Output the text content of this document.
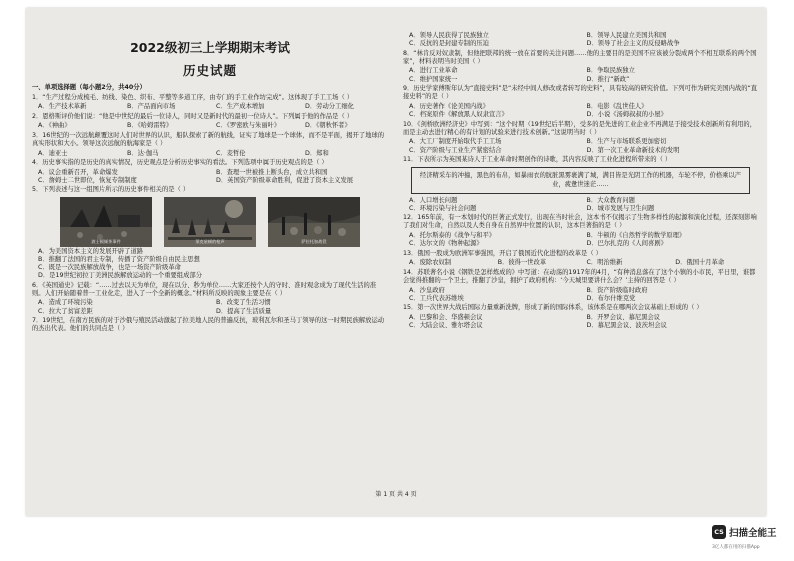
2022级初三上学期期末考试
历史试题

一、单项选择题（每小题2分，共40分）

1．“生产过程分成梳毛、纺线、染色、织布、平整等多道工序，由专门的手工业作坊完成”。这体现了手工工场（ ）

A．生产技术革新	B．产品面向市场	C．生产成本增加	D．劳动分工细化

2．恩格斯评价他们说：“他是中世纪的最后一位诗人，同时又是新时代的最初一位诗人”。下列属于他的作品是（ ）

A．《神曲》	B．《哈姆雷特》	C．《罗密欧与朱丽叶》	D．《朝秋怀者》

3．16世纪的一次远航颠覆这时人们对世界的认识，船队探索了新的航线，证实了地球是一个球体，而不是平面，揭开了地球的真实形状和大小。领导这次远航的航海家是（ ）

A．迪亚士	B．达·伽马	C．麦哲伦	D．郑和

4．历史事实指的是历史的真实情况，历史观点是分析历史事实的看法。下列选项中属于历史观点的是（ ）

A．议会重新召开，革命爆发	B．查理一世被推上断头台，成立共和国
C．詹姆士二世即位，恢复专制制度	D．英国资产阶级革命胜利，促进了资本主义发展

5．下列表述与这一组图片所示的历史事件相关的是（ ）

波士顿倾茶事件	莱克星顿的枪声	萨拉托加战役
A．为美国资本主义的发展开辟了道路
B．推翻了法国的君主专制，传播了资产阶级自由民主思想
C．既是一次民族解放战争，也是一场资产阶级革命
D．是19世纪初拉丁美洲民族解放运动的一个重要组成部分

6．《英国通史》记载：“……过去以天为单位，现在以分、秒为单位……大家还按个人的守时、准时观念成为了现代生活的准则。人们开始随着普一工业化走，进入了一个全新的概念。”材料所反映的现象主要是在（ ）

A．造成了环境污染	B．改变了生活习惯
C．拉大了贫富差距	D．提高了生活质量

7．19世纪，在南方民族的对于沙俄与殖民活动激起了拉美地人民的普遍反抗，玻利瓦尔和圣马丁领导的这一时期民族解放运动的杰出代表。他们的共同点是（ ）

A．领导人民获得了民族独立	B．领导人民建立美国共和国
C．反抗的是封建专制的压迫	D．领导了社会主义的反侵略战争

8．“林肯反对奴隶制，但他把联邦的统一放在首要的关注问题……他的主要目的是美国不应该被分裂成两个不相互联系的两个国家”，材料表明当时美国（ ）

A．进行工业革命	B．争取民族独立
C．维护国家统一	D．推行“新政”

9．历史学家傅斯年认为“直接史料”是“未经中间人修改或者转写的史料”，具有较高的研究价值。下列可作为研究美国内战的“直接史料”的是（ ）

A．历史著作《论美国内战》	B．电影《乱世佳人》
C．档案原件《解放黑人奴隶宣言》	D．小说《汤姆叔叔的小屋》

10．《剑桥欧洲经济史》中写到：“这个时期（19世纪后半期），受多的是先进的工业企业不再满足于接受技术创新所有利用的，而是主动去进行精心的有计划的试验来进行技术创新。”这说明当时（ ）

A．大工厂制度开始取代手工工场	B．生产与市场联系更加密切
C．资产阶级与工业生产紧密结合	D．第一次工业革命新技术的发明

11．下表所示为英国某诗人于工业革命时期创作的诗歌，其内容反映了工业化进程所带来的（ ）

经济精采车的冲撞，黑色的布帛，如暴雨衣的肮脏黑雾裹满了城，满目皆是光阴工作的机器，车轮不停，价格乘以产业，疲惫世迷茫……
A．人口增长问题	B．大众教育问题
C．环境污染与社会问题	D．城市发展与卫生问题

12．165年前，有一本划时代的巨著正式发行，出现在当时社会，这本书不仅揭示了生物多样性的起源和演化过程，还深刻影响了我们对生命，自然以及人类自身在自然界中位置的认识，这本巨著指的是（ ）

A．托尔斯泰的《战争与和平》	B．牛顿的《自然哲学的数学原理》
C．达尔文的《物种起源》	D．巴尔扎克的《人间喜剧》

13．俄国一股成为欧洲军事强国，开启了俄国近代化进程的改革是（ ）

A．废除农奴制	B．彼得一世改革	C．明治维新	D．俄国十月革命

14．苏联著名小说《钢铁是怎样炼成的》中写道：在动荡的1917年的4月，“有种消息落在了这个小镇的小市民，平日里，谁都会觉得推翻的一个卫士，推翻了沙皇，拥护了政府机构：‘今天城里要讲什么会？’主持的回答是（ ）

A．沙皇政府	B．资产阶级临时政府
C．工兵代表苏维埃	D．布尔什维克党

15．第一次世界大战后国际力量重新洗牌，形成了新的国际体系，该体系是在哪两次会议基础上形成的（ ）

A．巴黎和会、华盛顿会议	B．开罗会议、慕尼黑会议
C．大陆会议、雅尔塔会议	D．慕尼黑会议、波茨坦会议
第 1 页 共 4 页
CS 扫描全能王
3亿人都在用的扫描App
